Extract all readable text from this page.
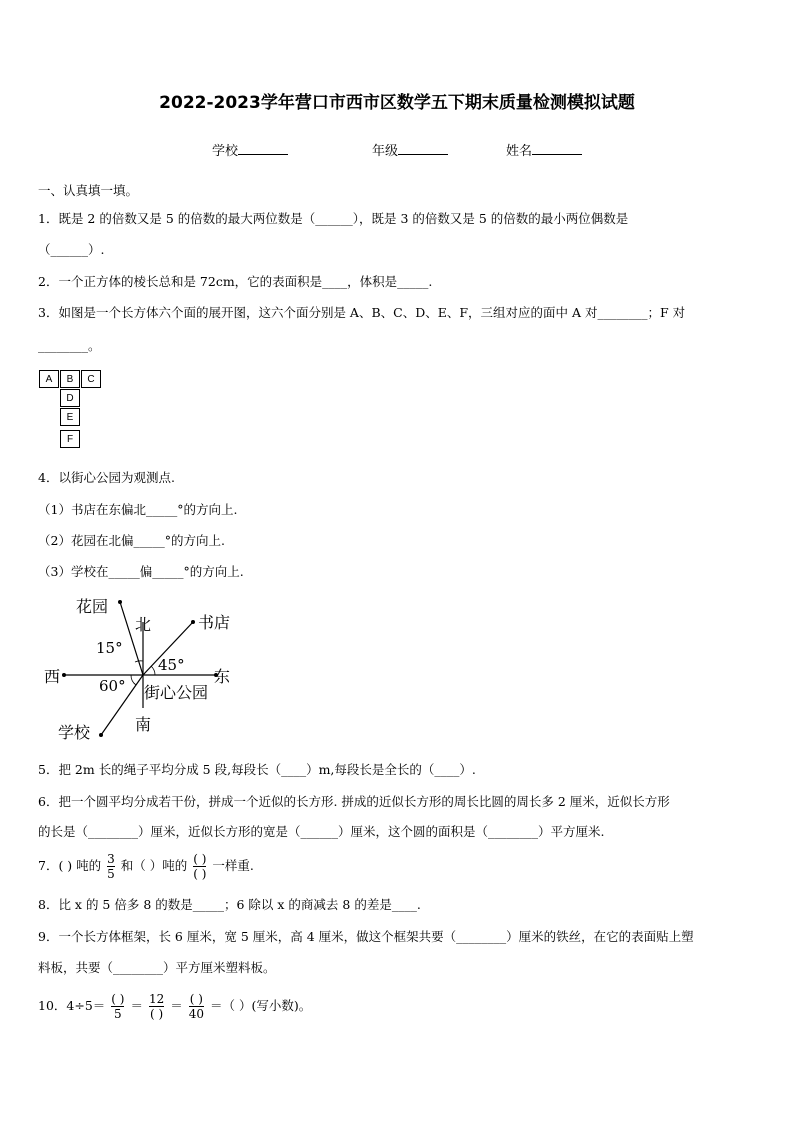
2022-2023学年营口市西市区数学五下期末质量检测模拟试题
学校	年级	姓名
一、认真填一填。
1．既是 2 的倍数又是 5 的倍数的最大两位数是（______），既是 3 的倍数又是 5 的倍数的最小两位偶数是
（______）.
2．一个正方体的棱长总和是 72cm，它的表面积是____，体积是_____.
3．如图是一个长方体六个面的展开图，这六个面分别是 A、B、C、D、E、F，三组对应的面中 A 对________；F 对
________。
A	B	C
D
E
F
4．以街心公园为观测点.
（1）书店在东偏北_____°的方向上.
（2）花园在北偏_____°的方向上.
（3）学校在_____偏_____°的方向上.
花园
北	书店
西	东
南
学校
街心公园
15°
45°
60°
5．把 2m 长的绳子平均分成 5 段,每段长（____）m,每段长是全长的（____）.
6．把一个圆平均分成若干份，拼成一个近似的长方形. 拼成的近似长方形的周长比圆的周长多 2 厘米，近似长方形
的长是（________）厘米，近似长方形的宽是（______）厘米，这个圆的面积是（________）平方厘米.
7．( ) 吨的 $\frac{3}{5}$ 和（ ）吨的 $\frac{( )}{( )}$ 一样重.
8．比 x 的 5 倍多 8 的数是_____；6 除以 x 的商减去 8 的差是____.
9．一个长方体框架，长 6 厘米，宽 5 厘米，高 4 厘米，做这个框架共要（________）厘米的铁丝，在它的表面贴上塑
料板，共要（________）平方厘米塑料板。
10．$4\div 5= \frac{( )}{5} = \frac{12}{( )} = \frac{( )}{40}$ ＝（ ）(写小数)。
